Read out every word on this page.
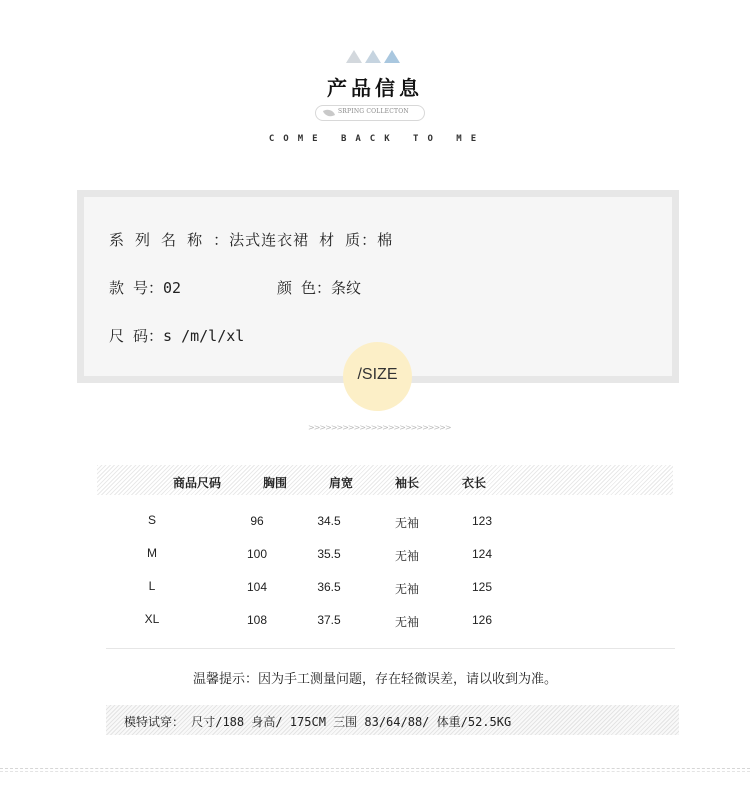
产品信息
SRPING COLLECTON
COME BACK TO ME
系 列 名 称 ：法式连衣裙 材 质：棉
款 号：02	颜 色：条纹
尺 码：s /m/l/xl
/SIZE
>>>>>>>>>>>>>>>>>>>>>>>>>
商品尺码	胸围	肩宽	袖长	衣长
S	96	34.5	无袖	123
M	100	35.5	无袖	124
L	104	36.5	无袖	125
XL	108	37.5	无袖	126
温馨提示：因为手工测量问题，存在轻微误差，请以收到为准。
模特试穿： 尺寸/188 身高/ 175CM 三围 83/64/88/ 体重/52.5KG
